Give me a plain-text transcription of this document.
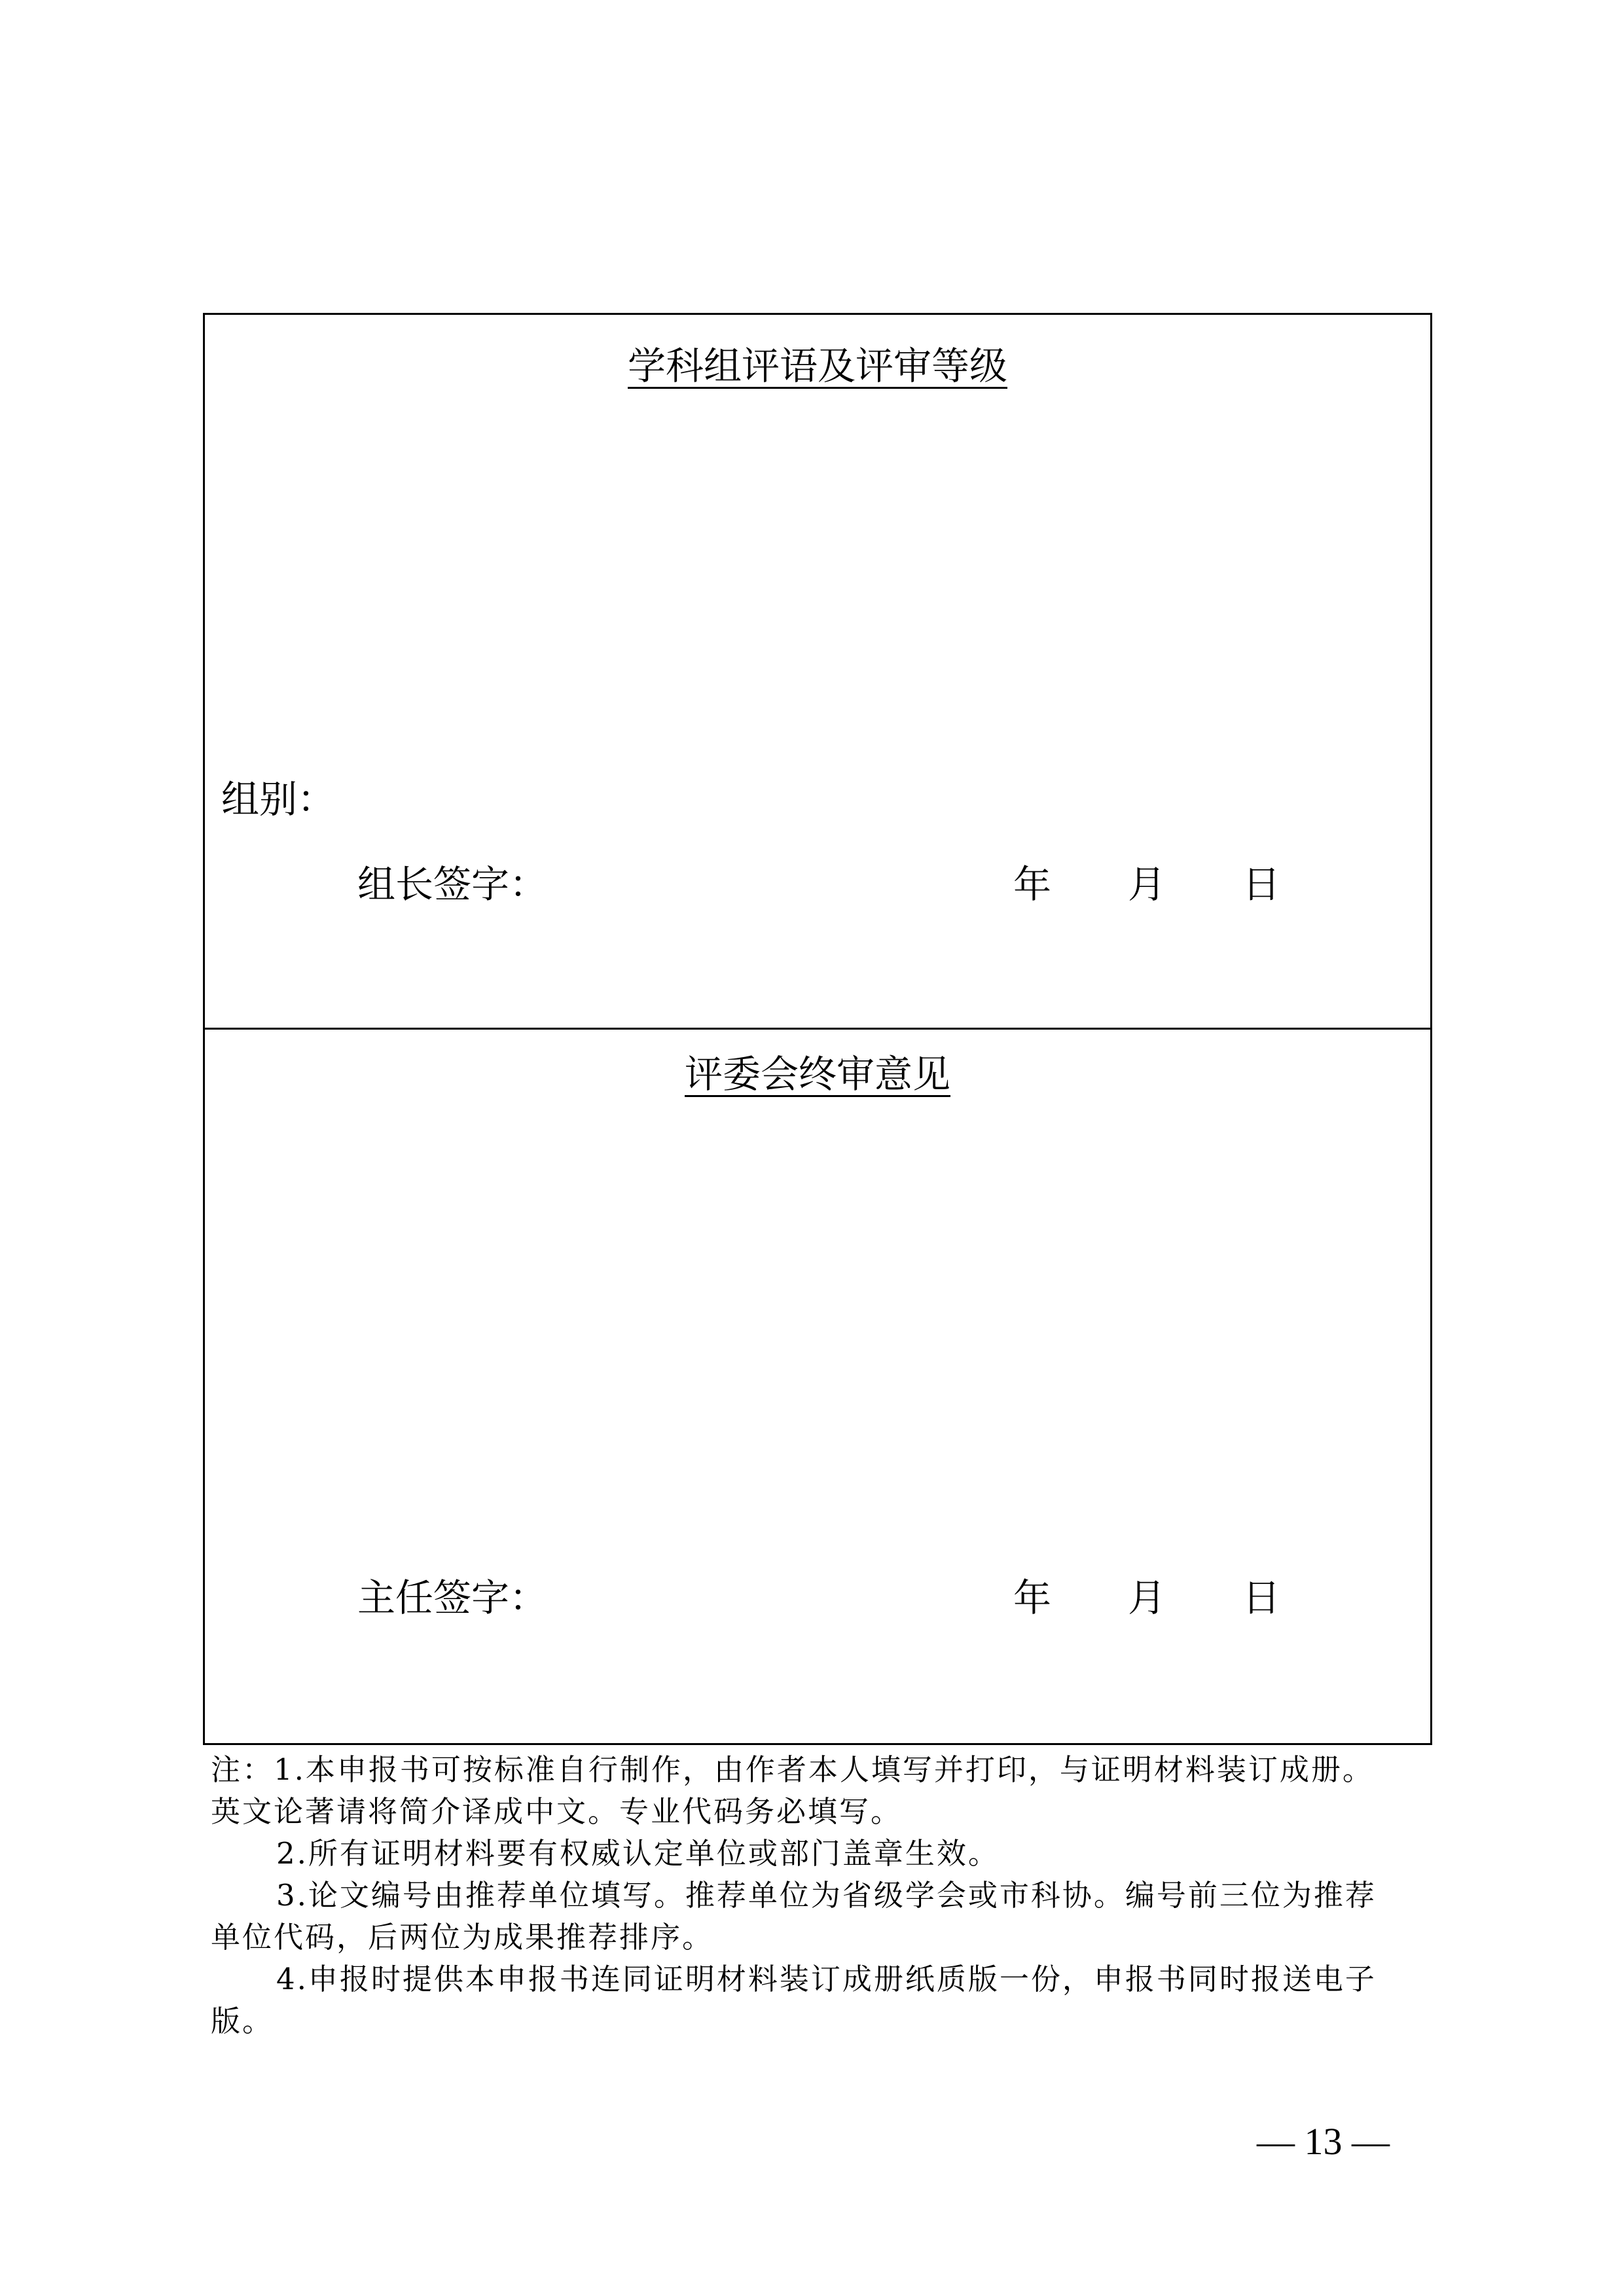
学科组评语及评审等级
组别：
组长签字：	年 月 日
评委会终审意见
主任签字：	年 月 日

注：1.本申报书可按标准自行制作，由作者本人填写并打印，与证明材料装订成册。

英文论著请将简介译成中文。专业代码务必填写。

2.所有证明材料要有权威认定单位或部门盖章生效。

3.论文编号由推荐单位填写。推荐单位为省级学会或市科协。编号前三位为推荐

单位代码，后两位为成果推荐排序。

4.申报时提供本申报书连同证明材料装订成册纸质版一份，申报书同时报送电子

版。

— 13 —
